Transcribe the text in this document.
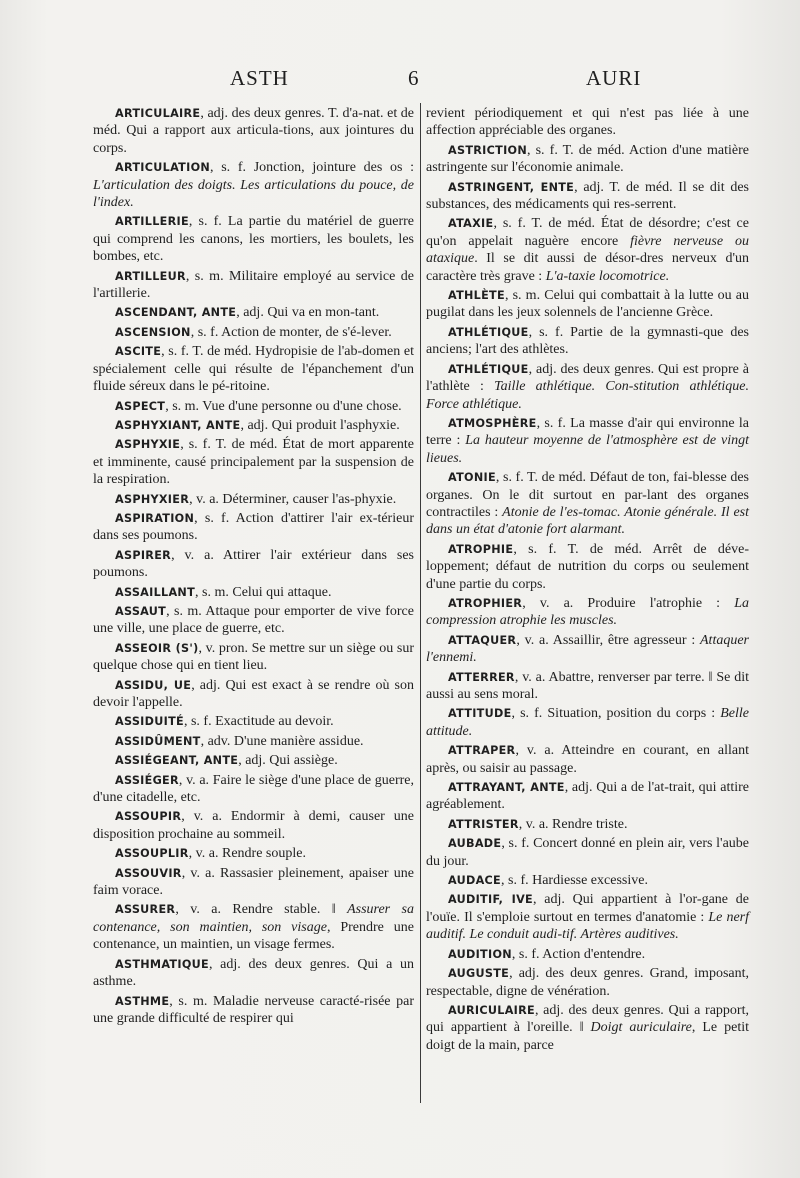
ASTH	6	AURI

ARTICULAIRE, adj. des deux genres. T. d'a-nat. et de méd. Qui a rapport aux articula-tions, aux jointures du corps.

ARTICULATION, s. f. Jonction, jointure des os : L'articulation des doigts. Les articulations du pouce, de l'index.

ARTILLERIE, s. f. La partie du matériel de guerre qui comprend les canons, les mortiers, les boulets, les bombes, etc.

ARTILLEUR, s. m. Militaire employé au service de l'artillerie.

ASCENDANT, ANTE, adj. Qui va en mon-tant.

ASCENSION, s. f. Action de monter, de s'é-lever.

ASCITE, s. f. T. de méd. Hydropisie de l'ab-domen et spécialement celle qui résulte de l'épanchement d'un fluide séreux dans le pé-ritoine.

ASPECT, s. m. Vue d'une personne ou d'une chose.

ASPHYXIANT, ANTE, adj. Qui produit l'asphyxie.

ASPHYXIE, s. f. T. de méd. État de mort apparente et imminente, causé principalement par la suspension de la respiration.

ASPHYXIER, v. a. Déterminer, causer l'as-phyxie.

ASPIRATION, s. f. Action d'attirer l'air ex-térieur dans ses poumons.

ASPIRER, v. a. Attirer l'air extérieur dans ses poumons.

ASSAILLANT, s. m. Celui qui attaque.

ASSAUT, s. m. Attaque pour emporter de vive force une ville, une place de guerre, etc.

ASSEOIR (S'), v. pron. Se mettre sur un siège ou sur quelque chose qui en tient lieu.

ASSIDU, UE, adj. Qui est exact à se rendre où son devoir l'appelle.

ASSIDUITÉ, s. f. Exactitude au devoir.

ASSIDÛMENT, adv. D'une manière assidue.

ASSIÉGEANT, ANTE, adj. Qui assiège.

ASSIÉGER, v. a. Faire le siège d'une place de guerre, d'une citadelle, etc.

ASSOUPIR, v. a. Endormir à demi, causer une disposition prochaine au sommeil.

ASSOUPLIR, v. a. Rendre souple.

ASSOUVIR, v. a. Rassasier pleinement, apaiser une faim vorace.

ASSURER, v. a. Rendre stable. ‖ Assurer sa contenance, son maintien, son visage, Prendre une contenance, un maintien, un visage fermes.

ASTHMATIQUE, adj. des deux genres. Qui a un asthme.

ASTHME, s. m. Maladie nerveuse caracté-risée par une grande difficulté de respirer qui

revient périodiquement et qui n'est pas liée à une affection appréciable des organes.

ASTRICTION, s. f. T. de méd. Action d'une matière astringente sur l'économie animale.

ASTRINGENT, ENTE, adj. T. de méd. Il se dit des substances, des médicaments qui res-serrent.

ATAXIE, s. f. T. de méd. État de désordre; c'est ce qu'on appelait naguère encore fièvre nerveuse ou ataxique. Il se dit aussi de désor-dres nerveux d'un caractère très grave : L'a-taxie locomotrice.

ATHLÈTE, s. m. Celui qui combattait à la lutte ou au pugilat dans les jeux solennels de l'ancienne Grèce.

ATHLÉTIQUE, s. f. Partie de la gymnasti-que des anciens; l'art des athlètes.

ATHLÉTIQUE, adj. des deux genres. Qui est propre à l'athlète : Taille athlétique. Con-stitution athlétique. Force athlétique.

ATMOSPHÈRE, s. f. La masse d'air qui environne la terre : La hauteur moyenne de l'atmosphère est de vingt lieues.

ATONIE, s. f. T. de méd. Défaut de ton, fai-blesse des organes. On le dit surtout en par-lant des organes contractiles : Atonie de l'es-tomac. Atonie générale. Il est dans un état d'atonie fort alarmant.

ATROPHIE, s. f. T. de méd. Arrêt de déve-loppement; défaut de nutrition du corps ou seulement d'une partie du corps.

ATROPHIER, v. a. Produire l'atrophie : La compression atrophie les muscles.

ATTAQUER, v. a. Assaillir, être agresseur : Attaquer l'ennemi.

ATTERRER, v. a. Abattre, renverser par terre. ‖ Se dit aussi au sens moral.

ATTITUDE, s. f. Situation, position du corps : Belle attitude.

ATTRAPER, v. a. Atteindre en courant, en allant après, ou saisir au passage.

ATTRAYANT, ANTE, adj. Qui a de l'at-trait, qui attire agréablement.

ATTRISTER, v. a. Rendre triste.

AUBADE, s. f. Concert donné en plein air, vers l'aube du jour.

AUDACE, s. f. Hardiesse excessive.

AUDITIF, IVE, adj. Qui appartient à l'or-gane de l'ouïe. Il s'emploie surtout en termes d'anatomie : Le nerf auditif. Le conduit audi-tif. Artères auditives.

AUDITION, s. f. Action d'entendre.

AUGUSTE, adj. des deux genres. Grand, imposant, respectable, digne de vénération.

AURICULAIRE, adj. des deux genres. Qui a rapport, qui appartient à l'oreille. ‖ Doigt auriculaire, Le petit doigt de la main, parce
